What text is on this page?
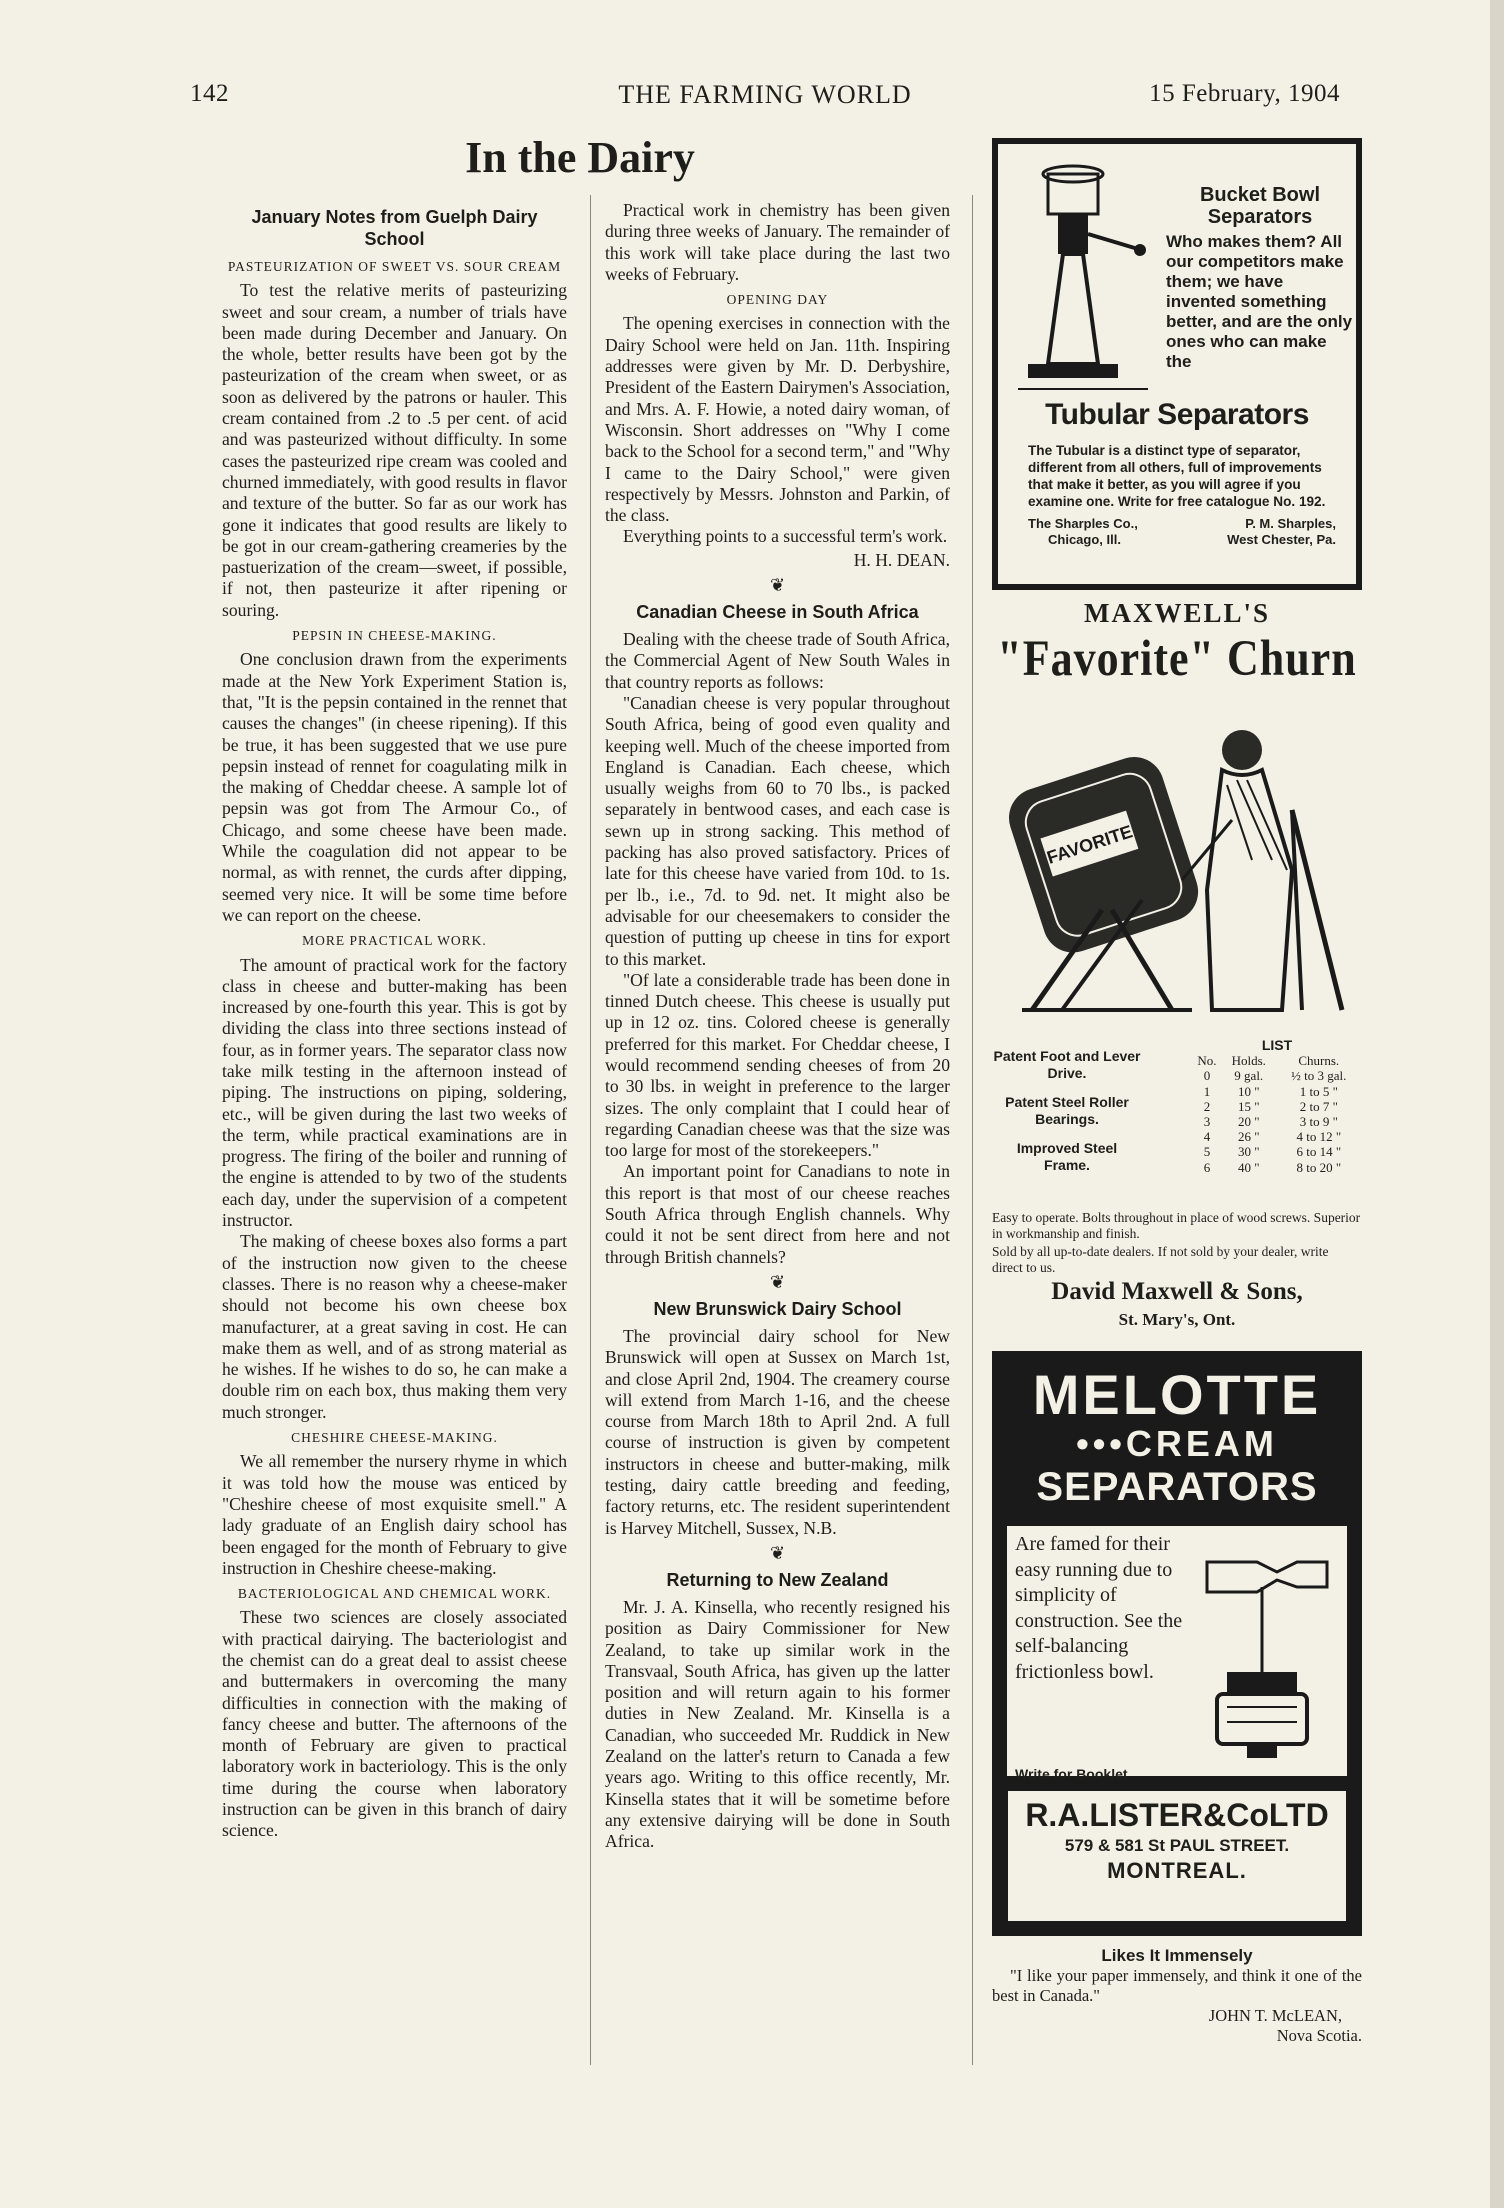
142	THE FARMING WORLD	15 February, 1904
In the Dairy
January Notes from Guelph Dairy School
PASTEURIZATION OF SWEET VS. SOUR CREAM

To test the relative merits of pasteurizing sweet and sour cream, a number of trials have been made during December and January. On the whole, better results have been got by the pasteurization of the cream when sweet, or as soon as delivered by the patrons or hauler. This cream contained from .2 to .5 per cent. of acid and was pasteurized without difficulty. In some cases the pasteurized ripe cream was cooled and churned immediately, with good results in flavor and texture of the butter. So far as our work has gone it indicates that good results are likely to be got in our cream-gathering creameries by the pastuerization of the cream—sweet, if possible, if not, then pasteurize it after ripening or souring.

PEPSIN IN CHEESE-MAKING.

One conclusion drawn from the experiments made at the New York Experiment Station is, that, "It is the pepsin contained in the rennet that causes the changes" (in cheese ripening). If this be true, it has been suggested that we use pure pepsin instead of rennet for coagulating milk in the making of Cheddar cheese. A sample lot of pepsin was got from The Armour Co., of Chicago, and some cheese have been made. While the coagulation did not appear to be normal, as with rennet, the curds after dipping, seemed very nice. It will be some time before we can report on the cheese.

MORE PRACTICAL WORK.

The amount of practical work for the factory class in cheese and butter-making has been increased by one-fourth this year. This is got by dividing the class into three sections instead of four, as in former years. The separator class now take milk testing in the afternoon instead of piping. The instructions on piping, soldering, etc., will be given during the last two weeks of the term, while practical examinations are in progress. The firing of the boiler and running of the engine is attended to by two of the students each day, under the supervision of a competent instructor.

The making of cheese boxes also forms a part of the instruction now given to the cheese classes. There is no reason why a cheese-maker should not become his own cheese box manufacturer, at a great saving in cost. He can make them as well, and of as strong material as he wishes. If he wishes to do so, he can make a double rim on each box, thus making them very much stronger.

CHESHIRE CHEESE-MAKING.

We all remember the nursery rhyme in which it was told how the mouse was enticed by "Cheshire cheese of most exquisite smell." A lady graduate of an English dairy school has been engaged for the month of February to give instruction in Cheshire cheese-making.

BACTERIOLOGICAL AND CHEMICAL WORK.

These two sciences are closely associated with practical dairying. The bacteriologist and the chemist can do a great deal to assist cheese and buttermakers in overcoming the many difficulties in connection with the making of fancy cheese and butter. The afternoons of the month of February are given to practical laboratory work in bacteriology. This is the only time during the course when laboratory instruction can be given in this branch of dairy science.

Practical work in chemistry has been given during three weeks of January. The remainder of this work will take place during the last two weeks of February.

OPENING DAY

The opening exercises in connection with the Dairy School were held on Jan. 11th. Inspiring addresses were given by Mr. D. Derbyshire, President of the Eastern Dairymen's Association, and Mrs. A. F. Howie, a noted dairy woman, of Wisconsin. Short addresses on "Why I come back to the School for a second term," and "Why I came to the Dairy School," were given respectively by Messrs. Johnston and Parkin, of the class.

Everything points to a successful term's work.

H. H. DEAN.

❦
Canadian Cheese in South Africa

Dealing with the cheese trade of South Africa, the Commercial Agent of New South Wales in that country reports as follows:

"Canadian cheese is very popular throughout South Africa, being of good even quality and keeping well. Much of the cheese imported from England is Canadian. Each cheese, which usually weighs from 60 to 70 lbs., is packed separately in bentwood cases, and each case is sewn up in strong sacking. This method of packing has also proved satisfactory. Prices of late for this cheese have varied from 10d. to 1s. per lb., i.e., 7d. to 9d. net. It might also be advisable for our cheesemakers to consider the question of putting up cheese in tins for export to this market.

"Of late a considerable trade has been done in tinned Dutch cheese. This cheese is usually put up in 12 oz. tins. Colored cheese is generally preferred for this market. For Cheddar cheese, I would recommend sending cheeses of from 20 to 30 lbs. in weight in preference to the larger sizes. The only complaint that I could hear of regarding Canadian cheese was that the size was too large for most of the storekeepers."

An important point for Canadians to note in this report is that most of our cheese reaches South Africa through English channels. Why could it not be sent direct from here and not through British channels?

❦
New Brunswick Dairy School

The provincial dairy school for New Brunswick will open at Sussex on March 1st, and close April 2nd, 1904. The creamery course will extend from March 1-16, and the cheese course from March 18th to April 2nd. A full course of instruction is given by competent instructors in cheese and butter-making, milk testing, dairy cattle breeding and feeding, factory returns, etc. The resident superintendent is Harvey Mitchell, Sussex, N.B.

❦
Returning to New Zealand

Mr. J. A. Kinsella, who recently resigned his position as Dairy Commissioner for New Zealand, to take up similar work in the Transvaal, South Africa, has given up the latter position and will return again to his former duties in New Zealand. Mr. Kinsella is a Canadian, who succeeded Mr. Ruddick in New Zealand on the latter's return to Canada a few years ago. Writing to this office recently, Mr. Kinsella states that it will be sometime before any extensive dairying will be done in South Africa.

Bucket Bowl Separators
Who makes them? All our competitors make them; we have invented something better, and are the only ones who can make the
Tubular Separators
The Tubular is a distinct type of separator, different from all others, full of improvements that make it better, as you will agree if you examine one. Write for free catalogue No. 192.
The Sharples Co.,
Chicago, Ill.
P. M. Sharples,
West Chester, Pa.
MAXWELL'S
"Favorite" Churn
FAVORITE
Patent Foot and Lever Drive.
Patent Steel Roller Bearings.
Improved Steel Frame.
LIST
No.	Holds.	Churns.
0	9 gal.	½ to 3 gal.
1	10 "	1 to 5 "
2	15 "	2 to 7 "
3	20 "	3 to 9 "
4	26 "	4 to 12 "
5	30 "	6 to 14 "
6	40 "	8 to 20 "

Easy to operate. Bolts throughout in place of wood screws. Superior in workmanship and finish.

Sold by all up-to-date dealers. If not sold by your dealer, write direct to us.

David Maxwell & Sons,
St. Mary's, Ont.
MELOTTE
•••CREAM
SEPARATORS
Are famed for their easy running due to simplicity of construction. See the self-balancing frictionless bowl.
Write for Booklet
R.A.LISTER&CoLTD
579 & 581 St PAUL STREET.
MONTREAL.
Likes It Immensely

"I like your paper immensely, and think it one of the best in Canada."

JOHN T. McLEAN,
Nova Scotia.
